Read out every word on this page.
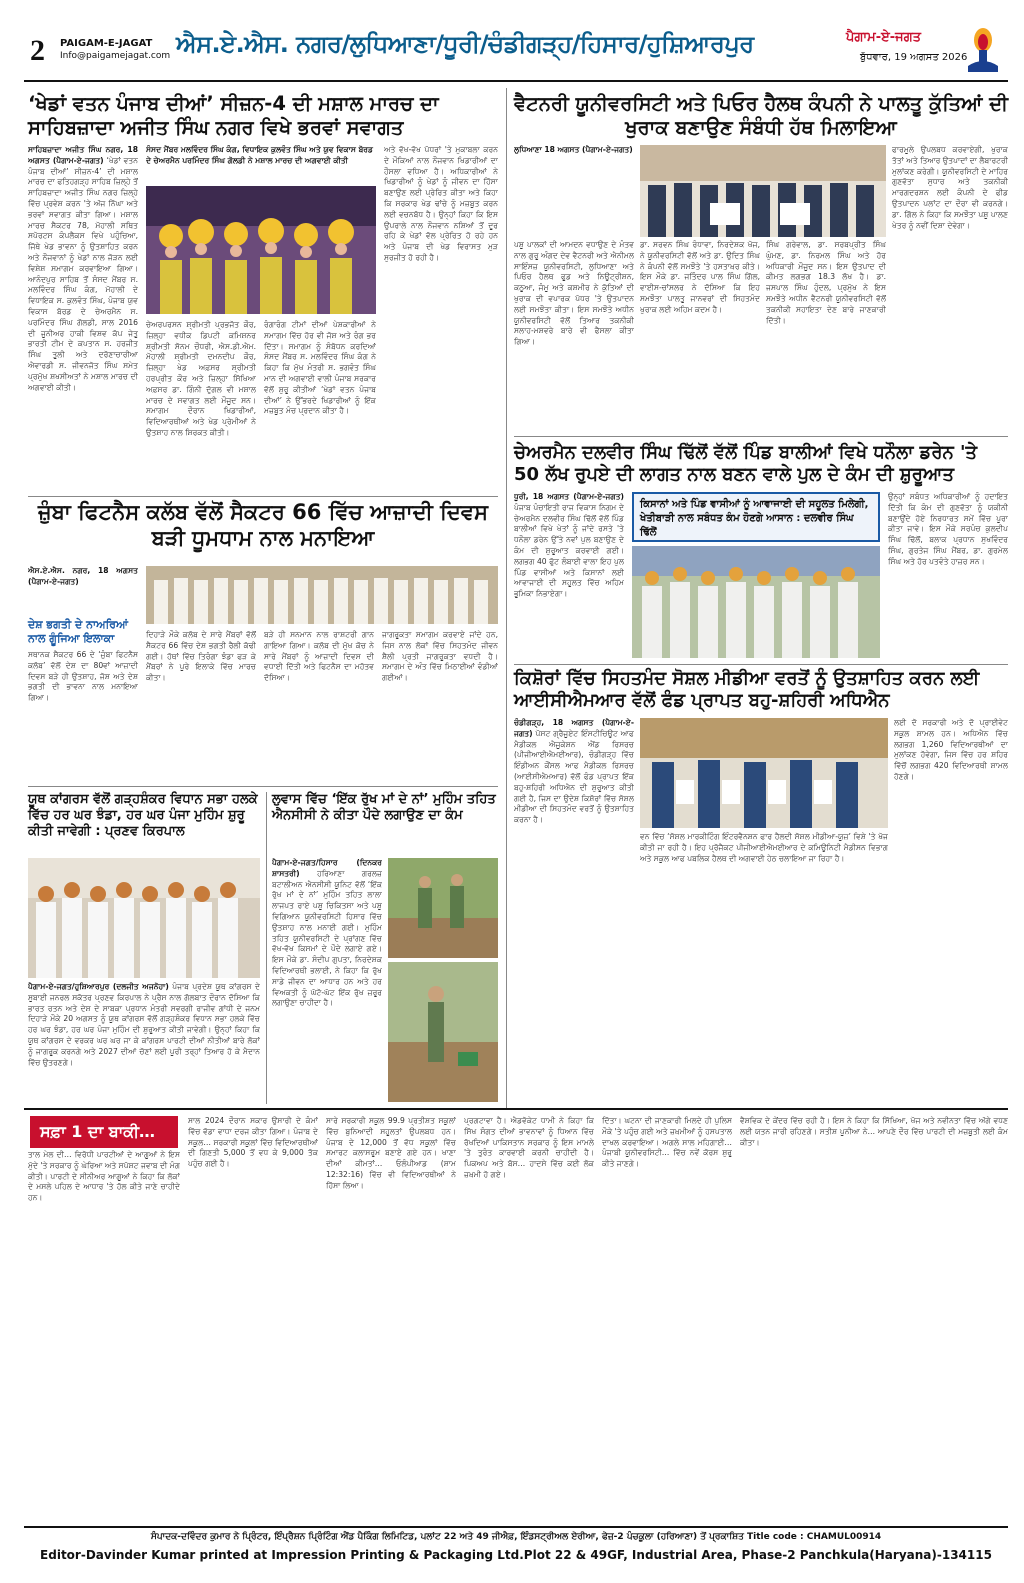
2 PAIGAM-E-JAGAT
Info@paigamejagat.com ਐਸ.ਏ.ਐਸ. ਨਗਰ/ਲੁਧਿਆਣਾ/ਧੂਰੀ/ਚੰਡੀਗੜ੍ਹ/ਹਿਸਾਰ/ਹੁਸ਼ਿਆਰਪੁਰ	ਪੈਗਾਮ-ਏ-ਜਗਤ
ਬੁੱਧਵਾਰ, 19 ਅਗਸਤ 2026
‘ਖੇਡਾਂ ਵਤਨ ਪੰਜਾਬ ਦੀਆਂ’ ਸੀਜ਼ਨ-4 ਦੀ ਮਸ਼ਾਲ ਮਾਰਚ ਦਾ ਸਾਹਿਬਜ਼ਾਦਾ ਅਜੀਤ ਸਿੰਘ ਨਗਰ ਵਿਖੇ ਭਰਵਾਂ ਸਵਾਗਤ
ਸਾਹਿਬਜ਼ਾਦਾ ਅਜੀਤ ਸਿੰਘ ਨਗਰ, 18 ਅਗਸਤ (ਪੈਗਾਮ-ਏ-ਜਗਤ) ‘ਖੇਡਾਂ ਵਤਨ ਪੰਜਾਬ ਦੀਆਂ’ ਸੀਜ਼ਨ-4’ ਦੀ ਮਸ਼ਾਲ ਮਾਰਚ ਦਾ ਫਤਿਹਗੜ੍ਹ ਸਾਹਿਬ ਜ਼ਿਲ੍ਹੇ ਤੋਂ ਸਾਹਿਬਜ਼ਾਦਾ ਅਜੀਤ ਸਿੰਘ ਨਗਰ ਜ਼ਿਲ੍ਹੇ ਵਿੱਚ ਪ੍ਰਵੇਸ਼ ਕਰਨ 'ਤੇ ਅੱਜ ਨਿੱਘਾ ਅਤੇ ਭਰਵਾਂ ਸਵਾਗਤ ਕੀਤਾ ਗਿਆ। ਮਸ਼ਾਲ ਮਾਰਚ ਸੈਕਟਰ 78, ਮੋਹਾਲੀ ਸਥਿਤ ਸਪੋਰਟਸ ਕੰਪਲੈਕਸ ਵਿਖੇ ਪਹੁੰਚਿਆ, ਜਿੱਥੇ ਖੇਡ ਭਾਵਨਾ ਨੂੰ ਉਤਸ਼ਾਹਿਤ ਕਰਨ ਅਤੇ ਨੌਜਵਾਨਾਂ ਨੂੰ ਖੇਡਾਂ ਨਾਲ ਜੋੜਨ ਲਈ ਵਿਸ਼ੇਸ਼ ਸਮਾਗਮ ਕਰਵਾਇਆ ਗਿਆ। ਆਨੰਦਪੁਰ ਸਾਹਿਬ ਤੋਂ ਸੰਸਦ ਮੈਂਬਰ ਸ. ਮਲਵਿੰਦਰ ਸਿੰਘ ਕੰਗ, ਮੋਹਾਲੀ ਦੇ ਵਿਧਾਇਕ ਸ. ਕੁਲਵੰਤ ਸਿੰਘ, ਪੰਜਾਬ ਯੁਵ ਵਿਕਾਸ ਬੋਰਡ ਦੇ ਚੇਅਰਮੈਨ ਸ. ਪਰਮਿੰਦਰ ਸਿੰਘ ਗੋਲਡੀ, ਸਾਲ 2016 ਦੀ ਜੂਨੀਅਰ ਹਾਕੀ ਵਿਸ਼ਵ ਕੱਪ ਜੇਤੂ ਭਾਰਤੀ ਟੀਮ ਦੇ ਕਪਤਾਨ ਸ. ਹਰਜੀਤ ਸਿੰਘ ਤੂਲੀ ਅਤੇ ਦਰੋਣਾਚਾਰੀਆ ਐਵਾਰਡੀ ਸ. ਜੀਵਨਜੋਤ ਸਿੰਘ ਸਮੇਤ ਪ੍ਰਮੁੱਖ ਸ਼ਖਸੀਅਤਾਂ ਨੇ ਮਸ਼ਾਲ ਮਾਰਚ ਦੀ ਅਗਵਾਈ ਕੀਤੀ।
ਸੰਸਦ ਮੈਂਬਰ ਮਲਵਿੰਦਰ ਸਿੰਘ ਕੰਗ, ਵਿਧਾਇਕ ਕੁਲਵੰਤ ਸਿੰਘ ਅਤੇ ਯੁਵ ਵਿਕਾਸ ਬੋਰਡ ਦੇ ਚੇਅਰਮੈਨ ਪਰਮਿੰਦਰ ਸਿੰਘ ਗੋਲਡੀ ਨੇ ਮਸ਼ਾਲ ਮਾਰਚ ਦੀ ਅਗਵਾਈ ਕੀਤੀ
ਚੇਅਰਪਰਸਨ ਸ਼੍ਰੀਮਤੀ ਪ੍ਰਭਜੋਤ ਕੌਰ, ਜ਼ਿਲ੍ਹਾ ਵਧੀਕ ਡਿਪਟੀ ਕਮਿਸ਼ਨਰ ਸ਼੍ਰੀਮਤੀ ਸੋਨਮ ਚੌਧਰੀ, ਐਸ.ਡੀ.ਐਮ. ਮੋਹਾਲੀ ਸ਼੍ਰੀਮਤੀ ਦਮਨਦੀਪ ਕੌਰ, ਜ਼ਿਲ੍ਹਾ ਖੇਡ ਅਫ਼ਸਰ ਸ਼੍ਰੀਮਤੀ ਹਰਪ੍ਰੀਤ ਕੌਰ ਅਤੇ ਜ਼ਿਲ੍ਹਾ ਸਿੱਖਿਆ ਅਫ਼ਸਰ ਡਾ. ਗਿੰਨੀ ਦੁੱਗਲ ਵੀ ਮਸ਼ਾਲ ਮਾਰਚ ਦੇ ਸਵਾਗਤ ਲਈ ਮੌਜੂਦ ਸਨ। ਸਮਾਗਮ ਦੌਰਾਨ ਖਿਡਾਰੀਆਂ, ਵਿਦਿਆਰਥੀਆਂ ਅਤੇ ਖੇਡ ਪ੍ਰੇਮੀਆਂ ਨੇ ਉਤਸ਼ਾਹ ਨਾਲ ਸ਼ਿਰਕਤ ਕੀਤੀ।
ਰੰਗਾਰੰਗ ਟੀਮਾਂ ਦੀਆਂ ਪੇਸ਼ਕਾਰੀਆਂ ਨੇ ਸਮਾਗਮ ਵਿੱਚ ਹੋਰ ਵੀ ਜੋਸ਼ ਅਤੇ ਰੰਗ ਭਰ ਦਿੱਤਾ। ਸਮਾਗਮ ਨੂੰ ਸੰਬੋਧਨ ਕਰਦਿਆਂ ਸੰਸਦ ਮੈਂਬਰ ਸ. ਮਲਵਿੰਦਰ ਸਿੰਘ ਕੰਗ ਨੇ ਕਿਹਾ ਕਿ ਮੁੱਖ ਮੰਤਰੀ ਸ. ਭਗਵੰਤ ਸਿੰਘ ਮਾਨ ਦੀ ਅਗਵਾਈ ਵਾਲੀ ਪੰਜਾਬ ਸਰਕਾਰ ਵੱਲੋਂ ਸ਼ੁਰੂ ਕੀਤੀਆਂ ‘ਖੇਡਾਂ ਵਤਨ ਪੰਜਾਬ ਦੀਆਂ’ ਨੇ ਉੱਭਰਦੇ ਖਿਡਾਰੀਆਂ ਨੂੰ ਇੱਕ ਮਜ਼ਬੂਤ ਮੰਚ ਪ੍ਰਦਾਨ ਕੀਤਾ ਹੈ।
ਅਤੇ ਵੱਖ-ਵੱਖ ਪੱਧਰਾਂ 'ਤੇ ਮੁਕਾਬਲਾ ਕਰਨ ਦੇ ਮੌਕਿਆਂ ਨਾਲ ਨੌਜਵਾਨ ਖਿਡਾਰੀਆਂ ਦਾ ਹੌਸਲਾ ਵਧਿਆ ਹੈ। ਅਧਿਕਾਰੀਆਂ ਨੇ ਖਿਡਾਰੀਆਂ ਨੂੰ ਖੇਡਾਂ ਨੂੰ ਜੀਵਨ ਦਾ ਹਿੱਸਾ ਬਣਾਉਣ ਲਈ ਪ੍ਰੇਰਿਤ ਕੀਤਾ ਅਤੇ ਕਿਹਾ ਕਿ ਸਰਕਾਰ ਖੇਡ ਢਾਂਚੇ ਨੂੰ ਮਜ਼ਬੂਤ ਕਰਨ ਲਈ ਵਚਨਬੱਧ ਹੈ। ਉਨ੍ਹਾਂ ਕਿਹਾ ਕਿ ਇਸ ਉਪਰਾਲੇ ਨਾਲ ਨੌਜਵਾਨ ਨਸ਼ਿਆਂ ਤੋਂ ਦੂਰ ਰਹਿ ਕੇ ਖੇਡਾਂ ਵੱਲ ਪ੍ਰੇਰਿਤ ਹੋ ਰਹੇ ਹਨ ਅਤੇ ਪੰਜਾਬ ਦੀ ਖੇਡ ਵਿਰਾਸਤ ਮੁੜ ਸੁਰਜੀਤ ਹੋ ਰਹੀ ਹੈ।
ਵੈਟਨਰੀ ਯੂਨੀਵਰਸਿਟੀ ਅਤੇ ਪਿਓਰ ਹੈਲਥ ਕੰਪਨੀ ਨੇ ਪਾਲਤੂ ਕੁੱਤਿਆਂ ਦੀ ਖੁਰਾਕ ਬਣਾਉਣ ਸੰਬੰਧੀ ਹੱਥ ਮਿਲਾਇਆ
ਲੁਧਿਆਣਾ 18 ਅਗਸਤ (ਪੈਗਾਮ-ਏ-ਜਗਤ)	ਫਾਰਮੂਲੇ ਉਪਲਬਧ ਕਰਵਾਏਗੀ, ਖੁਰਾਕ ਤੱਤਾਂ ਅਤੇ ਤਿਆਰ ਉਤਪਾਦਾਂ ਦਾ ਲੈਬਾਰਟਰੀ ਮੁਲਾਂਕਣ ਕਰੇਗੀ। ਯੂਨੀਵਰਸਿਟੀ ਦੇ ਮਾਹਿਰ ਗੁਣਵੱਤਾ ਸੁਧਾਰ ਅਤੇ ਤਕਨੀਕੀ ਮਾਰਗਦਰਸ਼ਨ ਲਈ ਕੰਪਨੀ ਦੇ ਫੀਡ ਉਤਪਾਦਨ ਪਲਾਂਟ ਦਾ ਦੌਰਾ ਵੀ ਕਰਨਗੇ। ਡਾ. ਗਿੱਲ ਨੇ ਕਿਹਾ ਕਿ ਸਮਝੌਤਾ ਪਸ਼ੂ ਪਾਲਣ ਖੇਤਰ ਨੂੰ ਨਵੀਂ ਦਿਸ਼ਾ ਦੇਵੇਗਾ।
ਪਸ਼ੂ ਪਾਲਕਾਂ ਦੀ ਆਮਦਨ ਵਧਾਉਣ ਦੇ ਮੰਤਵ ਨਾਲ ਗੁਰੂ ਅੰਗਦ ਦੇਵ ਵੈਟਨਰੀ ਅਤੇ ਐਨੀਮਲ ਸਾਇੰਸਜ਼ ਯੂਨੀਵਰਸਿਟੀ, ਲੁਧਿਆਣਾ ਅਤੇ ਪਿਓਰ ਹੈਲਥ ਫੂਡ ਅਤੇ ਨਿਊਟ੍ਰੀਸ਼ਨ, ਕਠੂਆ, ਜੰਮੂ ਅਤੇ ਕਸ਼ਮੀਰ ਨੇ ਕੁੱਤਿਆਂ ਦੀ ਖੁਰਾਕ ਦੀ ਵਪਾਰਕ ਪੱਧਰ 'ਤੇ ਉਤਪਾਦਨ ਲਈ ਸਮਝੌਤਾ ਕੀਤਾ। ਇਸ ਸਮਝੌਤੇ ਅਧੀਨ ਯੂਨੀਵਰਸਿਟੀ ਵੱਲੋਂ ਤਿਆਰ ਤਕਨੀਕੀ ਸਲਾਹ-ਮਸ਼ਵਰੇ ਬਾਰੇ ਵੀ ਫੈਸਲਾ ਕੀਤਾ ਗਿਆ।
ਡਾ. ਸਰਵਨ ਸਿੰਘ ਰੰਧਾਵਾ, ਨਿਰਦੇਸ਼ਕ ਖੋਜ, ਨੇ ਯੂਨੀਵਰਸਿਟੀ ਵੱਲੋਂ ਅਤੇ ਡਾ. ਉਦਿਤ ਸਿੰਘ ਨੇ ਕੰਪਨੀ ਵੱਲੋਂ ਸਮਝੌਤੇ 'ਤੇ ਹਸਤਾਖ਼ਰ ਕੀਤੇ। ਇਸ ਮੌਕੇ ਡਾ. ਜਤਿੰਦਰ ਪਾਲ ਸਿੰਘ ਗਿੱਲ, ਵਾਈਸ-ਚਾਂਸਲਰ ਨੇ ਦੱਸਿਆ ਕਿ ਇਹ ਸਮਝੌਤਾ ਪਾਲਤੂ ਜਾਨਵਰਾਂ ਦੀ ਸਿਹਤਮੰਦ ਖੁਰਾਕ ਲਈ ਅਹਿਮ ਕਦਮ ਹੈ।
ਸਿੰਘ ਗਰੇਵਾਲ, ਡਾ. ਸਰਬਪ੍ਰੀਤ ਸਿੰਘ ਘੁੰਮਣ, ਡਾ. ਨਿਰਮਲ ਸਿੰਘ ਅਤੇ ਹੋਰ ਅਧਿਕਾਰੀ ਮੌਜੂਦ ਸਨ। ਇਸ ਉਤਪਾਦ ਦੀ ਕੀਮਤ ਲਗਭਗ 18.3 ਲੱਖ ਹੈ। ਡਾ. ਜਸਪਾਲ ਸਿੰਘ ਹੁੰਦਲ, ਪ੍ਰਮੁੱਖ ਨੇ ਇਸ ਸਮਝੌਤੇ ਅਧੀਨ ਵੈਟਨਰੀ ਯੂਨੀਵਰਸਿਟੀ ਵੱਲੋਂ ਤਕਨੀਕੀ ਸਹਾਇਤਾ ਦੇਣ ਬਾਰੇ ਜਾਣਕਾਰੀ ਦਿੱਤੀ।
ਚੇਅਰਮੈਨ ਦਲਵੀਰ ਸਿੰਘ ਢਿੱਲੋਂ ਵੱਲੋਂ ਪਿੰਡ ਬਾਲੀਆਂ ਵਿਖੇ ਧਨੌਲਾ ਡਰੇਨ 'ਤੇ 50 ਲੱਖ ਰੁਪਏ ਦੀ ਲਾਗਤ ਨਾਲ ਬਣਨ ਵਾਲੇ ਪੁਲ ਦੇ ਕੰਮ ਦੀ ਸ਼ੁਰੂਆਤ
ਧੂਰੀ, 18 ਅਗਸਤ (ਪੈਗਾਮ-ਏ-ਜਗਤ) ਪੰਜਾਬ ਪੰਚਾਇਤੀ ਰਾਜ ਵਿਕਾਸ ਨਿਗਮ ਦੇ ਚੇਅਰਮੈਨ ਦਲਵੀਰ ਸਿੰਘ ਢਿੱਲੋਂ ਵੱਲੋਂ ਪਿੰਡ ਬਾਲੀਆਂ ਵਿਖੇ ਖੇਤਾਂ ਨੂੰ ਜਾਂਦੇ ਰਸਤੇ 'ਤੇ ਧਨੌਲਾ ਡਰੇਨ ਉੱਤੇ ਨਵਾਂ ਪੁਲ ਬਣਾਉਣ ਦੇ ਕੰਮ ਦੀ ਸ਼ੁਰੂਆਤ ਕਰਵਾਈ ਗਈ। ਲਗਭਗ 40 ਫੁੱਟ ਲੰਬਾਈ ਵਾਲਾ ਇਹ ਪੁਲ ਪਿੰਡ ਵਾਸੀਆਂ ਅਤੇ ਕਿਸਾਨਾਂ ਲਈ ਆਵਾਜਾਈ ਦੀ ਸਹੂਲਤ ਵਿੱਚ ਅਹਿਮ ਭੂਮਿਕਾ ਨਿਭਾਏਗਾ।
ਕਿਸਾਨਾਂ ਅਤੇ ਪਿੰਡ ਵਾਸੀਆਂ ਨੂੰ ਆਵਾਜਾਈ ਦੀ ਸਹੂਲਤ ਮਿਲੇਗੀ, ਖੇਤੀਬਾੜੀ ਨਾਲ ਸਬੰਧਤ ਕੰਮ ਹੋਣਗੇ ਆਸਾਨ : ਦਲਵੀਰ ਸਿੰਘ ਢਿੱਲੋਂ
ਉਨ੍ਹਾਂ ਸਬੰਧਤ ਅਧਿਕਾਰੀਆਂ ਨੂੰ ਹਦਾਇਤ ਦਿੱਤੀ ਕਿ ਕੰਮ ਦੀ ਗੁਣਵੱਤਾ ਨੂੰ ਯਕੀਨੀ ਬਣਾਉਂਦੇ ਹੋਏ ਨਿਰਧਾਰਤ ਸਮੇਂ ਵਿੱਚ ਪੂਰਾ ਕੀਤਾ ਜਾਵੇ। ਇਸ ਮੌਕੇ ਸਰਪੰਚ ਕੁਲਦੀਪ ਸਿੰਘ ਢਿੱਲੋਂ, ਬਲਾਕ ਪ੍ਰਧਾਨ ਸੁਖਵਿੰਦਰ ਸਿੰਘ, ਗੁਰਤੇਜ ਸਿੰਘ ਮੈਂਬਰ, ਡਾ. ਗੁਰਮੇਲ ਸਿੰਘ ਅਤੇ ਹੋਰ ਪਤਵੰਤੇ ਹਾਜ਼ਰ ਸਨ।
ਜ਼ੁੰਬਾ ਫਿਟਨੈਸ ਕਲੱਬ ਵੱਲੋਂ ਸੈਕਟਰ 66 ਵਿੱਚ ਆਜ਼ਾਦੀ ਦਿਵਸ ਬੜੀ ਧੂਮਧਾਮ ਨਾਲ ਮਨਾਇਆ
ਐਸ.ਏ.ਐਸ. ਨਗਰ, 18 ਅਗਸਤ (ਪੈਗਾਮ-ਏ-ਜਗਤ)
ਦੇਸ਼ ਭਗਤੀ ਦੇ ਨਾਅਰਿਆਂ ਨਾਲ ਗੂੰਜਿਆ ਇਲਾਕਾ
ਸਥਾਨਕ ਸੈਕਟਰ 66 ਦੇ ‘ਜ਼ੁੰਬਾ ਫਿਟਨੈਸ ਕਲੱਬ’ ਵੱਲੋਂ ਦੇਸ਼ ਦਾ 80ਵਾਂ ਆਜ਼ਾਦੀ ਦਿਵਸ ਬੜੇ ਹੀ ਉਤਸ਼ਾਹ, ਜੋਸ਼ ਅਤੇ ਦੇਸ਼ ਭਗਤੀ ਦੀ ਭਾਵਨਾ ਨਾਲ ਮਨਾਇਆ ਗਿਆ।
ਦਿਹਾੜੇ ਮੌਕੇ ਕਲੱਬ ਦੇ ਸਾਰੇ ਮੈਂਬਰਾਂ ਵੱਲੋਂ ਸੈਕਟਰ 66 ਵਿੱਚ ਦੇਸ਼ ਭਗਤੀ ਰੈਲੀ ਕੱਢੀ ਗਈ। ਹੱਥਾਂ ਵਿੱਚ ਤਿਰੰਗਾ ਝੰਡਾ ਫੜ ਕੇ ਮੈਂਬਰਾਂ ਨੇ ਪੂਰੇ ਇਲਾਕੇ ਵਿੱਚ ਮਾਰਚ ਕੀਤਾ।
ਬੜੇ ਹੀ ਸਨਮਾਨ ਨਾਲ ਰਾਸ਼ਟਰੀ ਗਾਨ ਗਾਇਆ ਗਿਆ। ਕਲੱਬ ਦੀ ਮੁੱਖ ਕੋਚ ਨੇ ਸਾਰੇ ਮੈਂਬਰਾਂ ਨੂੰ ਆਜ਼ਾਦੀ ਦਿਵਸ ਦੀ ਵਧਾਈ ਦਿੱਤੀ ਅਤੇ ਫਿਟਨੈਸ ਦਾ ਮਹੱਤਵ ਦੱਸਿਆ।
ਜਾਗਰੂਕਤਾ ਸਮਾਗਮ ਕਰਵਾਏ ਜਾਂਦੇ ਹਨ, ਜਿਸ ਨਾਲ ਲੋਕਾਂ ਵਿੱਚ ਸਿਹਤਮੰਦ ਜੀਵਨ ਸ਼ੈਲੀ ਪ੍ਰਤੀ ਜਾਗਰੂਕਤਾ ਵਧਦੀ ਹੈ। ਸਮਾਗਮ ਦੇ ਅੰਤ ਵਿੱਚ ਮਿਠਾਈਆਂ ਵੰਡੀਆਂ ਗਈਆਂ।
ਯੂਥ ਕਾਂਗਰਸ ਵੱਲੋਂ ਗੜ੍ਹਸ਼ੰਕਰ ਵਿਧਾਨ ਸਭਾ ਹਲਕੇ ਵਿੱਚ ਹਰ ਘਰ ਝੰਡਾ, ਹਰ ਘਰ ਪੰਜਾ ਮੁਹਿੰਮ ਸ਼ੁਰੂ ਕੀਤੀ ਜਾਵੇਗੀ : ਪ੍ਰਣਵ ਕਿਰਪਾਲ
ਪੈਗਾਮ-ਏ-ਜਗਤ/ਹੁਸ਼ਿਆਰਪੁਰ (ਦਲਜੀਤ ਅਜਨੋਹਾ) ਪੰਜਾਬ ਪ੍ਰਦੇਸ਼ ਯੂਥ ਕਾਂਗਰਸ ਦੇ ਸੂਬਾਈ ਜਨਰਲ ਸਕੱਤਰ ਪ੍ਰਣਵ ਕਿਰਪਾਲ ਨੇ ਪ੍ਰੈਸ ਨਾਲ ਗੱਲਬਾਤ ਦੌਰਾਨ ਦੱਸਿਆ ਕਿ ਭਾਰਤ ਰਤਨ ਅਤੇ ਦੇਸ਼ ਦੇ ਸਾਬਕਾ ਪ੍ਰਧਾਨ ਮੰਤਰੀ ਸਵਰਗੀ ਰਾਜੀਵ ਗਾਂਧੀ ਦੇ ਜਨਮ ਦਿਹਾੜੇ ਮੌਕੇ 20 ਅਗਸਤ ਨੂੰ ਯੂਥ ਕਾਂਗਰਸ ਵੱਲੋਂ ਗੜ੍ਹਸ਼ੰਕਰ ਵਿਧਾਨ ਸਭਾ ਹਲਕੇ ਵਿੱਚ ਹਰ ਘਰ ਝੰਡਾ, ਹਰ ਘਰ ਪੰਜਾ ਮੁਹਿੰਮ ਦੀ ਸ਼ੁਰੂਆਤ ਕੀਤੀ ਜਾਵੇਗੀ। ਉਨ੍ਹਾਂ ਕਿਹਾ ਕਿ ਯੂਥ ਕਾਂਗਰਸ ਦੇ ਵਰਕਰ ਘਰ ਘਰ ਜਾ ਕੇ ਕਾਂਗਰਸ ਪਾਰਟੀ ਦੀਆਂ ਨੀਤੀਆਂ ਬਾਰੇ ਲੋਕਾਂ ਨੂੰ ਜਾਗਰੂਕ ਕਰਨਗੇ ਅਤੇ 2027 ਦੀਆਂ ਚੋਣਾਂ ਲਈ ਪੂਰੀ ਤਰ੍ਹਾਂ ਤਿਆਰ ਹੋ ਕੇ ਮੈਦਾਨ ਵਿੱਚ ਉਤਰਣਗੇ।
ਲੁਵਾਸ ਵਿੱਚ ‘ਇੱਕ ਰੁੱਖ ਮਾਂ ਦੇ ਨਾਂ’ ਮੁਹਿੰਮ ਤਹਿਤ ਐਨਸੀਸੀ ਨੇ ਕੀਤਾ ਪੌਦੇ ਲਗਾਉਣ ਦਾ ਕੰਮ
ਪੈਗਾਮ-ਏ-ਜਗਤ/ਹਿਸਾਰ (ਦਿਨਕਰ ਸ਼ਾਸਤਰੀ) ਹਰਿਆਣਾ ਗਰਲਜ਼ ਬਟਾਲੀਅਨ ਐਨਸੀਸੀ ਯੂਨਿਟ ਵੱਲੋਂ ‘ਇੱਕ ਰੁੱਖ ਮਾਂ ਦੇ ਨਾਂ’ ਮੁਹਿੰਮ ਤਹਿਤ ਲਾਲਾ ਲਾਜਪਤ ਰਾਏ ਪਸ਼ੂ ਚਿਕਿਤਸਾ ਅਤੇ ਪਸ਼ੂ ਵਿਗਿਆਨ ਯੂਨੀਵਰਸਿਟੀ ਹਿਸਾਰ ਵਿੱਚ ਉਤਸ਼ਾਹ ਨਾਲ ਮਨਾਈ ਗਈ। ਮੁਹਿੰਮ ਤਹਿਤ ਯੂਨੀਵਰਸਿਟੀ ਦੇ ਪ੍ਰਾਂਗਣ ਵਿੱਚ ਵੱਖ-ਵੱਖ ਕਿਸਮਾਂ ਦੇ ਪੌਦੇ ਲਗਾਏ ਗਏ। ਇਸ ਮੌਕੇ ਡਾ. ਸੰਦੀਪ ਗੁਪਤਾ, ਨਿਰਦੇਸ਼ਕ ਵਿਦਿਆਰਥੀ ਭਲਾਈ, ਨੇ ਕਿਹਾ ਕਿ ਰੁੱਖ ਸਾਡੇ ਜੀਵਨ ਦਾ ਆਧਾਰ ਹਨ ਅਤੇ ਹਰ ਵਿਅਕਤੀ ਨੂੰ ਘੱਟੋ-ਘੱਟ ਇੱਕ ਰੁੱਖ ਜ਼ਰੂਰ ਲਗਾਉਣਾ ਚਾਹੀਦਾ ਹੈ।
ਕਿਸ਼ੋਰਾਂ ਵਿੱਚ ਸਿਹਤਮੰਦ ਸੋਸ਼ਲ ਮੀਡੀਆ ਵਰਤੋਂ ਨੂੰ ਉਤਸ਼ਾਹਿਤ ਕਰਨ ਲਈ ਆਈਸੀਐਮਆਰ ਵੱਲੋਂ ਫੰਡ ਪ੍ਰਾਪਤ ਬਹੁ-ਸ਼ਹਿਰੀ ਅਧਿਐਨ
ਚੰਡੀਗੜ੍ਹ, 18 ਅਗਸਤ (ਪੈਗਾਮ-ਏ-ਜਗਤ) ਪੋਸਟ ਗ੍ਰੈਜੂਏਟ ਇੰਸਟੀਚਿਊਟ ਆਫ ਮੈਡੀਕਲ ਐਜੂਕੇਸ਼ਨ ਐਂਡ ਰਿਸਰਚ (ਪੀਜੀਆਈਐਮਈਆਰ), ਚੰਡੀਗੜ੍ਹ ਵਿੱਚ ਇੰਡੀਅਨ ਕੌਂਸਲ ਆਫ ਮੈਡੀਕਲ ਰਿਸਰਚ (ਆਈਸੀਐਮਆਰ) ਵੱਲੋਂ ਫੰਡ ਪ੍ਰਾਪਤ ਇੱਕ ਬਹੁ-ਸ਼ਹਿਰੀ ਅਧਿਐਨ ਦੀ ਸ਼ੁਰੂਆਤ ਕੀਤੀ ਗਈ ਹੈ, ਜਿਸ ਦਾ ਉਦੇਸ਼ ਕਿਸ਼ੋਰਾਂ ਵਿੱਚ ਸੋਸ਼ਲ ਮੀਡੀਆ ਦੀ ਸਿਹਤਮੰਦ ਵਰਤੋਂ ਨੂੰ ਉਤਸ਼ਾਹਿਤ ਕਰਨਾ ਹੈ।
ਵਨ ਵਿੱਚ ‘ਸੋਸ਼ਲ ਮਾਰਕੀਟਿੰਗ ਇੰਟਰਵੈਨਸ਼ਨ ਫਾਰ ਹੈਲਦੀ ਸੋਸ਼ਲ ਮੀਡੀਆ-ਯੂਜ਼’ ਵਿਸ਼ੇ 'ਤੇ ਖੋਜ ਕੀਤੀ ਜਾ ਰਹੀ ਹੈ। ਇਹ ਪ੍ਰੋਜੈਕਟ ਪੀਜੀਆਈਐਮਈਆਰ ਦੇ ਕਮਿਊਨਿਟੀ ਮੈਡੀਸਨ ਵਿਭਾਗ ਅਤੇ ਸਕੂਲ ਆਫ ਪਬਲਿਕ ਹੈਲਥ ਦੀ ਅਗਵਾਈ ਹੇਠ ਚਲਾਇਆ ਜਾ ਰਿਹਾ ਹੈ।
ਲਈ ਦੋ ਸਰਕਾਰੀ ਅਤੇ ਦੋ ਪ੍ਰਾਈਵੇਟ ਸਕੂਲ ਸ਼ਾਮਲ ਹਨ। ਅਧਿਐਨ ਵਿੱਚ ਲਗਭਗ 1,260 ਵਿਦਿਆਰਥੀਆਂ ਦਾ ਮੁਲਾਂਕਣ ਹੋਵੇਗਾ, ਜਿਸ ਵਿੱਚ ਹਰ ਸ਼ਹਿਰ ਵਿੱਚੋਂ ਲਗਭਗ 420 ਵਿਦਿਆਰਥੀ ਸ਼ਾਮਲ ਹੋਣਗੇ।
ਸਫ਼ਾ 1 ਦਾ ਬਾਕੀ…
ਤਾਲ ਮੇਲ ਦੀ… ਵਿਰੋਧੀ ਪਾਰਟੀਆਂ ਦੇ ਆਗੂਆਂ ਨੇ ਇਸ ਮੁੱਦੇ 'ਤੇ ਸਰਕਾਰ ਨੂੰ ਘੇਰਿਆ ਅਤੇ ਸਪੱਸ਼ਟ ਜਵਾਬ ਦੀ ਮੰਗ ਕੀਤੀ। ਪਾਰਟੀ ਦੇ ਸੀਨੀਅਰ ਆਗੂਆਂ ਨੇ ਕਿਹਾ ਕਿ ਲੋਕਾਂ ਦੇ ਮਸਲੇ ਪਹਿਲ ਦੇ ਆਧਾਰ 'ਤੇ ਹੱਲ ਕੀਤੇ ਜਾਣੇ ਚਾਹੀਦੇ ਹਨ।
ਸਾਲ 2024 ਦੌਰਾਨ ਸਕਾਰ ਉਸਾਰੀ ਦੇ ਕੰਮਾਂ ਵਿੱਚ ਵੱਡਾ ਵਾਧਾ ਦਰਜ ਕੀਤਾ ਗਿਆ। ਪੰਜਾਬ ਦੇ ਸਕੂਲ… ਸਰਕਾਰੀ ਸਕੂਲਾਂ ਵਿੱਚ ਵਿਦਿਆਰਥੀਆਂ ਦੀ ਗਿਣਤੀ 5,000 ਤੋਂ ਵਧ ਕੇ 9,000 ਤੱਕ ਪਹੁੰਚ ਗਈ ਹੈ।
ਸਾਰੇ ਸਰਕਾਰੀ ਸਕੂਲ 99.9 ਪ੍ਰਤੀਸ਼ਤ ਸਕੂਲਾਂ ਵਿੱਚ ਬੁਨਿਆਦੀ ਸਹੂਲਤਾਂ ਉਪਲਬਧ ਹਨ। ਪੰਜਾਬ ਦੇ 12,000 ਤੋਂ ਵੱਧ ਸਕੂਲਾਂ ਵਿੱਚ ਸਮਾਰਟ ਕਲਾਸਰੂਮ ਬਣਾਏ ਗਏ ਹਨ। ਖਾਣਾ ਦੀਆਂ ਕੀਮਤਾਂ… ਓਲੰਪੀਆਡ (ਸ਼ਾਮ 12:32:16) ਵਿੱਚ ਵੀ ਵਿਦਿਆਰਥੀਆਂ ਨੇ ਹਿੱਸਾ ਲਿਆ।
ਪ੍ਰਗਟਾਵਾ ਹੈ। ਐਡਵੋਕੇਟ ਧਾਮੀ ਨੇ ਕਿਹਾ ਕਿ ਸਿੱਖ ਸੰਗਤ ਦੀਆਂ ਭਾਵਨਾਵਾਂ ਨੂੰ ਧਿਆਨ ਵਿੱਚ ਰੱਖਦਿਆਂ ਪਾਕਿਸਤਾਨ ਸਰਕਾਰ ਨੂੰ ਇਸ ਮਾਮਲੇ 'ਤੇ ਤੁਰੰਤ ਕਾਰਵਾਈ ਕਰਨੀ ਚਾਹੀਦੀ ਹੈ। ਪਿਕਅਪ ਅਤੇ ਬੱਸ… ਹਾਦਸੇ ਵਿੱਚ ਕਈ ਲੋਕ ਜ਼ਖ਼ਮੀ ਹੋ ਗਏ।
ਦਿੱਤਾ। ਘਟਨਾ ਦੀ ਜਾਣਕਾਰੀ ਮਿਲਦੇ ਹੀ ਪੁਲਿਸ ਮੌਕੇ 'ਤੇ ਪਹੁੰਚ ਗਈ ਅਤੇ ਜ਼ਖ਼ਮੀਆਂ ਨੂੰ ਹਸਪਤਾਲ ਦਾਖਲ ਕਰਵਾਇਆ। ਅਗਲੇ ਸਾਲ ਮਹਿਗਾਈ… ਪੰਜਾਬੀ ਯੂਨੀਵਰਸਿਟੀ… ਵਿੱਚ ਨਵੇਂ ਕੋਰਸ ਸ਼ੁਰੂ ਕੀਤੇ ਜਾਣਗੇ।
ਵੈਸ਼ਵਿਕ ਦੇ ਕੇਂਦਰ ਵਿੱਚ ਰਹੀ ਹੈ। ਇਸ ਨੇ ਕਿਹਾ ਕਿ ਸਿੱਖਿਆ, ਖੋਜ ਅਤੇ ਨਵੀਨਤਾ ਵਿੱਚ ਅੱਗੇ ਵਧਣ ਲਈ ਯਤਨ ਜਾਰੀ ਰਹਿਣਗੇ। ਸਤੀਸ਼ ਪੂਨੀਆ ਨੇ… ਆਪਣੇ ਦੌਰ ਵਿੱਚ ਪਾਰਟੀ ਦੀ ਮਜ਼ਬੂਤੀ ਲਈ ਕੰਮ ਕੀਤਾ।
ਸੰਪਾਦਕ-ਦਵਿੰਦਰ ਕੁਮਾਰ ਨੇ ਪ੍ਰਿੰਟਰ, ਇੰਪ੍ਰੈਸ਼ਨ ਪ੍ਰਿੰਟਿੰਗ ਐਂਡ ਪੈਕਿੰਗ ਲਿਮਿਟਿਡ, ਪਲਾਂਟ 22 ਅਤੇ 49 ਜੀਐਫ਼, ਇੰਡਸਟ੍ਰੀਅਲ ਏਰੀਆ, ਫੇਜ਼-2 ਪੰਚਕੂਲਾ (ਹਰਿਆਣਾ) ਤੋਂ ਪ੍ਰਕਾਸ਼ਿਤ Title code : CHAMUL00914
Editor-Davinder Kumar printed at Impression Printing & Packaging Ltd.Plot 22 & 49GF, Industrial Area, Phase-2 Panchkula(Haryana)-134115
